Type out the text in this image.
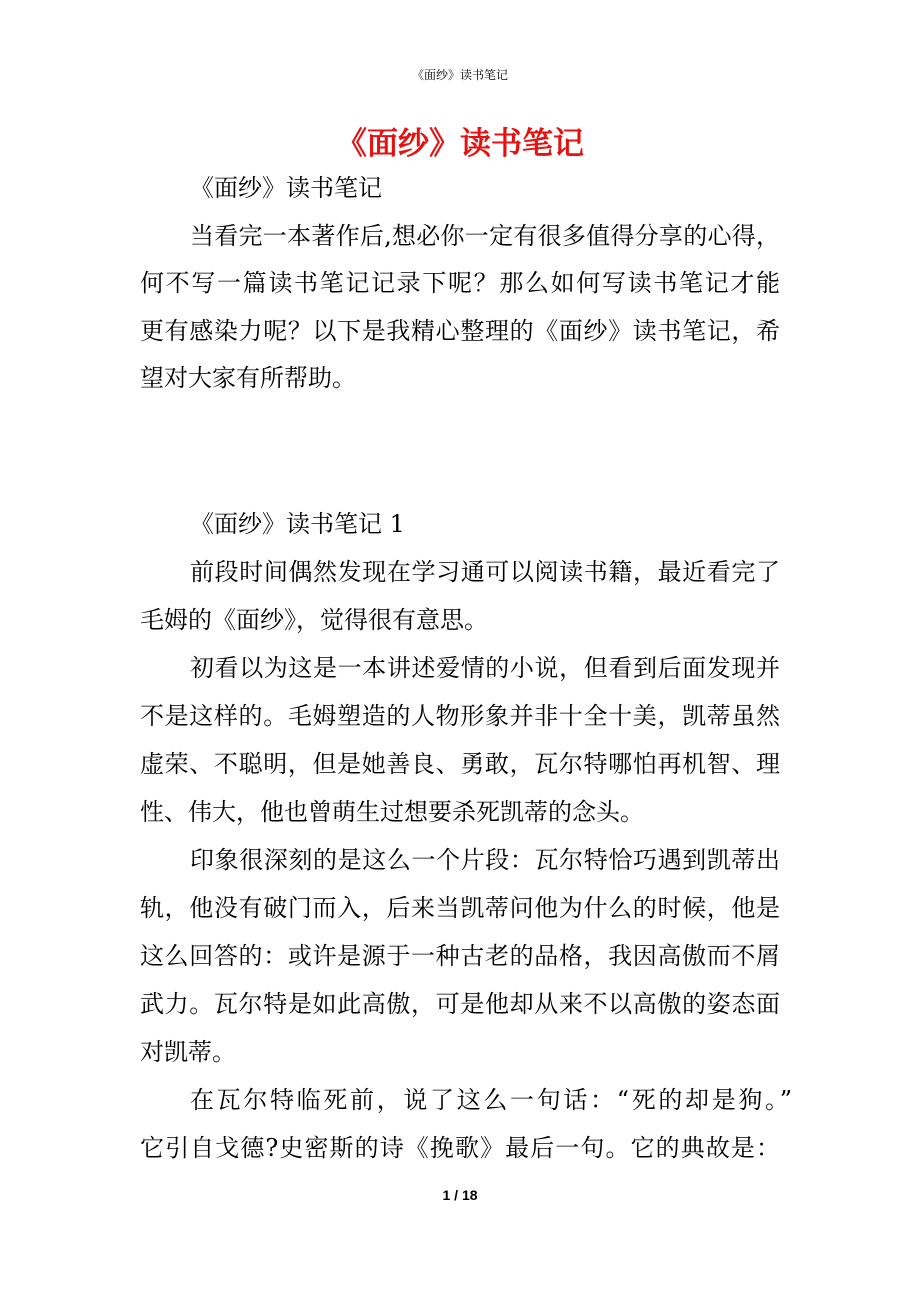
《面纱》读书笔记
《面纱》读书笔记
《面纱》读书笔记
当看完一本著作后,想必你一定有很多值得分享的心得，
何不写一篇读书笔记记录下呢？那么如何写读书笔记才能
更有感染力呢？以下是我精心整理的《面纱》读书笔记，希
望对大家有所帮助。
《面纱》读书笔记 1
前段时间偶然发现在学习通可以阅读书籍，最近看完了
毛姆的《面纱》，觉得很有意思。
初看以为这是一本讲述爱情的小说，但看到后面发现并
不是这样的。毛姆塑造的人物形象并非十全十美，凯蒂虽然
虚荣、不聪明，但是她善良、勇敢，瓦尔特哪怕再机智、理
性、伟大，他也曾萌生过想要杀死凯蒂的念头。
印象很深刻的是这么一个片段：瓦尔特恰巧遇到凯蒂出
轨，他没有破门而入，后来当凯蒂问他为什么的时候，他是
这么回答的：或许是源于一种古老的品格，我因高傲而不屑
武力。瓦尔特是如此高傲，可是他却从来不以高傲的姿态面
对凯蒂。
在瓦尔特临死前，说了这么一句话：“死的却是狗。”
它引自戈德?史密斯的诗《挽歌》最后一句。它的典故是：
1 / 18
